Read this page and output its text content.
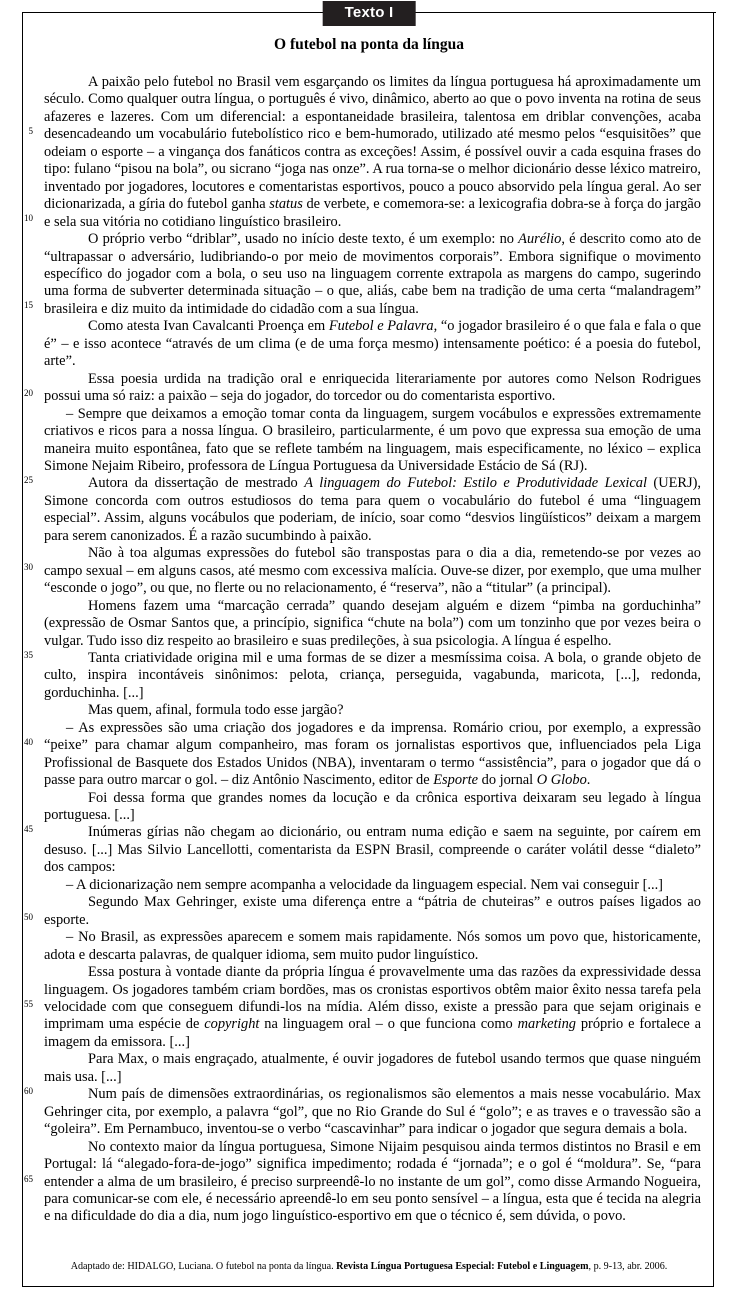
Texto I
O futebol na ponta da língua
5
10
15
20
25
30
35
40
45
50
55
60
65

A paixão pelo futebol no Brasil vem esgarçando os limites da língua portuguesa há aproximadamente um século. Como qualquer outra língua, o português é vivo, dinâmico, aberto ao que o povo inventa na rotina de seus afazeres e lazeres. Com um diferencial: a espontaneidade brasileira, talentosa em driblar convenções, acaba desencadeando um vocabulário futebolístico rico e bem-humorado, utilizado até mesmo pelos “esquisitões” que odeiam o esporte – a vingança dos fanáticos contra as exceções! Assim, é possível ouvir a cada esquina frases do tipo: fulano “pisou na bola”, ou sicrano “joga nas onze”. A rua torna-se o melhor dicionário desse léxico matreiro, inventado por jogadores, locutores e comentaristas esportivos, pouco a pouco absorvido pela língua geral. Ao ser dicionarizada, a gíria do futebol ganha status de verbete, e comemora-se: a lexicografia dobra-se à força do jargão e sela sua vitória no cotidiano linguístico brasileiro.

O próprio verbo “driblar”, usado no início deste texto, é um exemplo: no Aurélio, é descrito como ato de “ultrapassar o adversário, ludibriando-o por meio de movimentos corporais”. Embora signifique o movimento específico do jogador com a bola, o seu uso na linguagem corrente extrapola as margens do campo, sugerindo uma forma de subverter determinada situação – o que, aliás, cabe bem na tradição de uma certa “malandragem” brasileira e diz muito da intimidade do cidadão com a sua língua.

Como atesta Ivan Cavalcanti Proença em Futebol e Palavra, “o jogador brasileiro é o que fala e fala o que é” – e isso acontece “através de um clima (e de uma força mesmo) intensamente poético: é a poesia do futebol, arte”.

Essa poesia urdida na tradição oral e enriquecida literariamente por autores como Nelson Rodrigues possui uma só raiz: a paixão – seja do jogador, do torcedor ou do comentarista esportivo.

– Sempre que deixamos a emoção tomar conta da linguagem, surgem vocábulos e expressões extremamente criativos e ricos para a nossa língua. O brasileiro, particularmente, é um povo que expressa sua emoção de uma maneira muito espontânea, fato que se reflete também na linguagem, mais especificamente, no léxico – explica Simone Nejaim Ribeiro, professora de Língua Portuguesa da Universidade Estácio de Sá (RJ).

Autora da dissertação de mestrado A linguagem do Futebol: Estilo e Produtividade Lexical (UERJ), Simone concorda com outros estudiosos do tema para quem o vocabulário do futebol é uma “linguagem especial”. Assim, alguns vocábulos que poderiam, de início, soar como “desvios lingüísticos” deixam a margem para serem canonizados. É a razão sucumbindo à paixão.

Não à toa algumas expressões do futebol são transpostas para o dia a dia, remetendo-se por vezes ao campo sexual – em alguns casos, até mesmo com excessiva malícia. Ouve-se dizer, por exemplo, que uma mulher “esconde o jogo”, ou que, no flerte ou no relacionamento, é “reserva”, não a “titular” (a principal).

Homens fazem uma “marcação cerrada” quando desejam alguém e dizem “pimba na gorduchinha” (expressão de Osmar Santos que, a princípio, significa “chute na bola”) com um tonzinho que por vezes beira o vulgar. Tudo isso diz respeito ao brasileiro e suas predileções, à sua psicologia. A língua é espelho.

Tanta criatividade origina mil e uma formas de se dizer a mesmíssima coisa. A bola, o grande objeto de culto, inspira incontáveis sinônimos: pelota, criança, perseguida, vagabunda, maricota, [...], redonda, gorduchinha. [...]

Mas quem, afinal, formula todo esse jargão?

– As expressões são uma criação dos jogadores e da imprensa. Romário criou, por exemplo, a expressão “peixe” para chamar algum companheiro, mas foram os jornalistas esportivos que, influenciados pela Liga Profissional de Basquete dos Estados Unidos (NBA), inventaram o termo “assistência”, para o jogador que dá o passe para outro marcar o gol. – diz Antônio Nascimento, editor de Esporte do jornal O Globo.

Foi dessa forma que grandes nomes da locução e da crônica esportiva deixaram seu legado à língua portuguesa. [...]

Inúmeras gírias não chegam ao dicionário, ou entram numa edição e saem na seguinte, por caírem em desuso. [...] Mas Silvio Lancellotti, comentarista da ESPN Brasil, compreende o caráter volátil desse “dialeto” dos campos:

– A dicionarização nem sempre acompanha a velocidade da linguagem especial. Nem vai conseguir [...]

Segundo Max Gehringer, existe uma diferença entre a “pátria de chuteiras” e outros países ligados ao esporte.

– No Brasil, as expressões aparecem e somem mais rapidamente. Nós somos um povo que, historicamente, adota e descarta palavras, de qualquer idioma, sem muito pudor linguístico.

Essa postura à vontade diante da própria língua é provavelmente uma das razões da expressividade dessa linguagem. Os jogadores também criam bordões, mas os cronistas esportivos obtêm maior êxito nessa tarefa pela velocidade com que conseguem difundi-los na mídia. Além disso, existe a pressão para que sejam originais e imprimam uma espécie de copyright na linguagem oral – o que funciona como marketing próprio e fortalece a imagem da emissora. [...]

Para Max, o mais engraçado, atualmente, é ouvir jogadores de futebol usando termos que quase ninguém mais usa. [...]

Num país de dimensões extraordinárias, os regionalismos são elementos a mais nesse vocabulário. Max Gehringer cita, por exemplo, a palavra “gol”, que no Rio Grande do Sul é “golo”; e as traves e o travessão são a “goleira”. Em Pernambuco, inventou-se o verbo “cascavinhar” para indicar o jogador que segura demais a bola.

No contexto maior da língua portuguesa, Simone Nijaim pesquisou ainda termos distintos no Brasil e em Portugal: lá “alegado-fora-de-jogo” significa impedimento; rodada é “jornada”; e o gol é “moldura”. Se, “para entender a alma de um brasileiro, é preciso surpreendê-lo no instante de um gol”, como disse Armando Nogueira, para comunicar-se com ele, é necessário apreendê-lo em seu ponto sensível – a língua, esta que é tecida na alegria e na dificuldade do dia a dia, num jogo linguístico-esportivo em que o técnico é, sem dúvida, o povo.

Adaptado de: HIDALGO, Luciana. O futebol na ponta da língua. Revista Língua Portuguesa Especial: Futebol e Linguagem, p. 9-13, abr. 2006.
